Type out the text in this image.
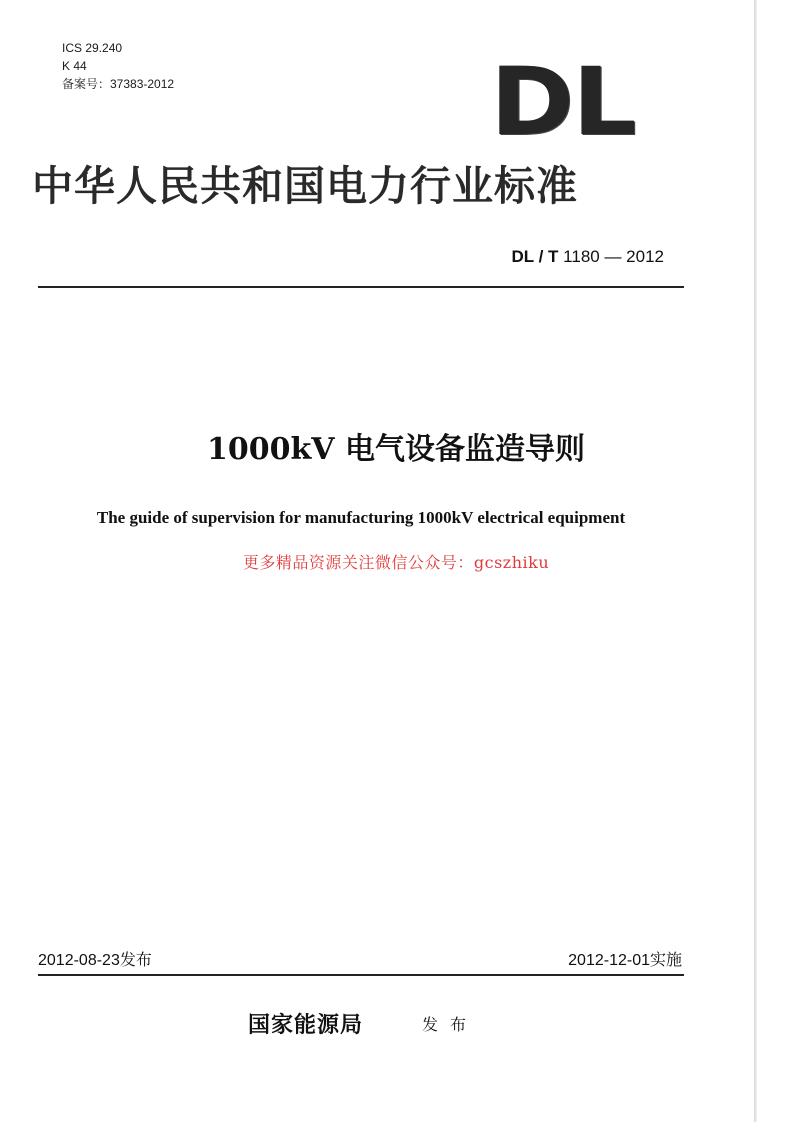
ICS 29.240
K 44
备案号：37383-2012	DL
中华人民共和国电力行业标准
DL / T 1180 — 2012
1000kV 电气设备监造导则
The guide of supervision for manufacturing 1000kV electrical equipment
更多精品资源关注微信公众号：gcszhiku
2012-08-23发布	2012-12-01实施
国家能源局	发布
